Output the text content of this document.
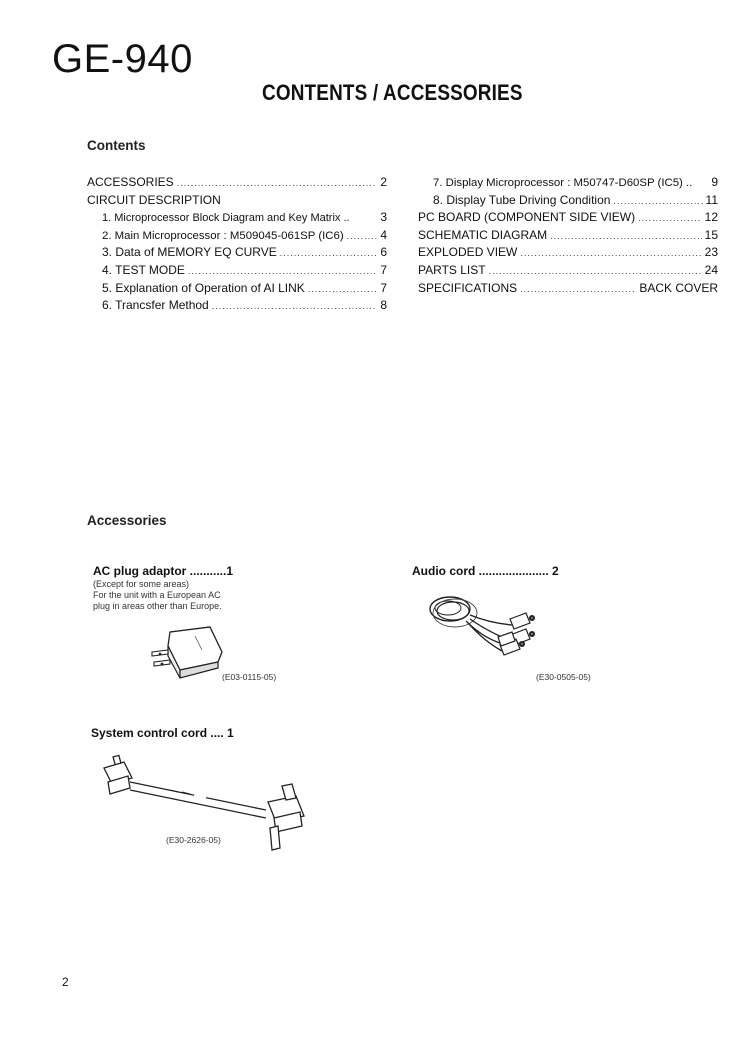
GE-940
CONTENTS / ACCESSORIES
Contents
ACCESSORIES .....	2
CIRCUIT DESCRIPTION
1. Microprocessor Block Diagram and Key Matrix ..	3
2. Main Microprocessor : M509045-061SP (IC6) .....	4
3. Data of MEMORY EQ CURVE .....	6
4. TEST MODE .....	7
5. Explanation of Operation of AI LINK .....	7
6. Trancsfer Method .....	8
7. Display Microprocessor : M50747-D60SP (IC5) .. 9
8. Display Tube Driving Condition .....	11
PC BOARD (COMPONENT SIDE VIEW) .....	12
SCHEMATIC DIAGRAM .....	15
EXPLODED VIEW .....	23
PARTS LIST .....	24
SPECIFICATIONS .....	BACK COVER
Accessories
AC plug adaptor ...........1
(Except for some areas)
For the unit with a European AC
plug in areas other than Europe.
(E03-0115-05)
Audio cord ..................... 2
(E30-0505-05)
System control cord .... 1
(E30-2626-05)
2
